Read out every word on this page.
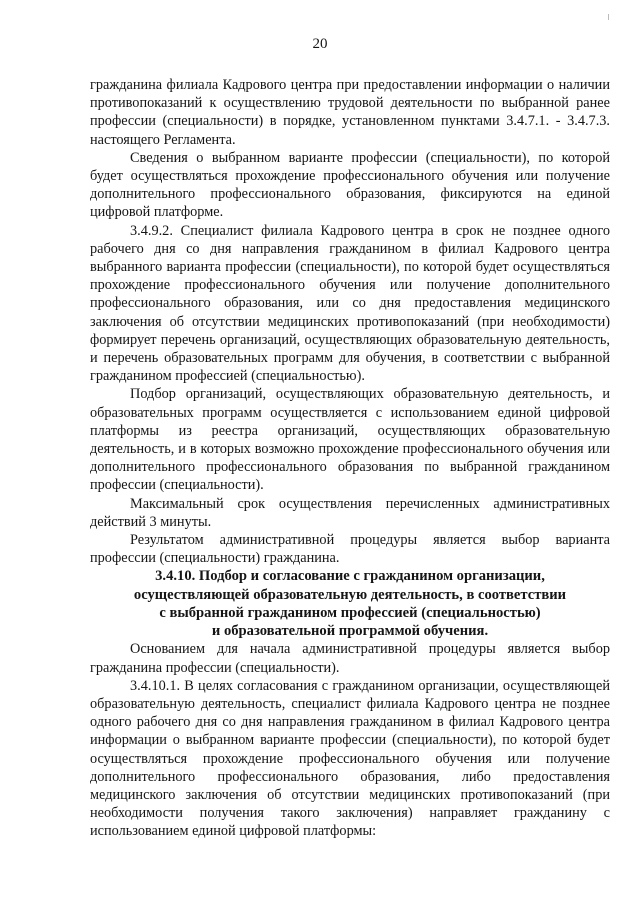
20

гражданина филиала Кадрового центра при предоставлении информации о наличии противопоказаний к осуществлению трудовой деятельности по выбранной ранее профессии (специальности) в порядке, установленном пунктами 3.4.7.1. - 3.4.7.3. настоящего Регламента.

Сведения о выбранном варианте профессии (специальности), по которой будет осуществляться прохождение профессионального обучения или получение дополнительного профессионального образования, фиксируются на единой цифровой платформе.

3.4.9.2. Специалист филиала Кадрового центра в срок не позднее одного рабочего дня со дня направления гражданином в филиал Кадрового центра выбранного варианта профессии (специальности), по которой будет осуществляться прохождение профессионального обучения или получение дополнительного профессионального образования, или со дня предоставления медицинского заключения об отсутствии медицинских противопоказаний (при необходимости) формирует перечень организаций, осуществляющих образовательную деятельность, и перечень образовательных программ для обучения, в соответствии с выбранной гражданином профессией (специальностью).

Подбор организаций, осуществляющих образовательную деятельность, и образовательных программ осуществляется с использованием единой цифровой платформы из реестра организаций, осуществляющих образовательную деятельность, и в которых возможно прохождение профессионального обучения или дополнительного профессионального образования по выбранной гражданином профессии (специальности).

Максимальный срок осуществления перечисленных административных действий 3 минуты.

Результатом административной процедуры является выбор варианта профессии (специальности) гражданина.

3.4.10. Подбор и согласование с гражданином организации,

осуществляющей образовательную деятельность, в соответствии

с выбранной гражданином профессией (специальностью)

и образовательной программой обучения.

Основанием для начала административной процедуры является выбор гражданина профессии (специальности).

3.4.10.1. В целях согласования с гражданином организации, осуществляющей образовательную деятельность, специалист филиала Кадрового центра не позднее одного рабочего дня со дня направления гражданином в филиал Кадрового центра информации о выбранном варианте профессии (специальности), по которой будет осуществляться прохождение профессионального обучения или получение дополнительного профессионального образования, либо предоставления медицинского заключения об отсутствии медицинских противопоказаний (при необходимости получения такого заключения) направляет гражданину с использованием единой цифровой платформы:
